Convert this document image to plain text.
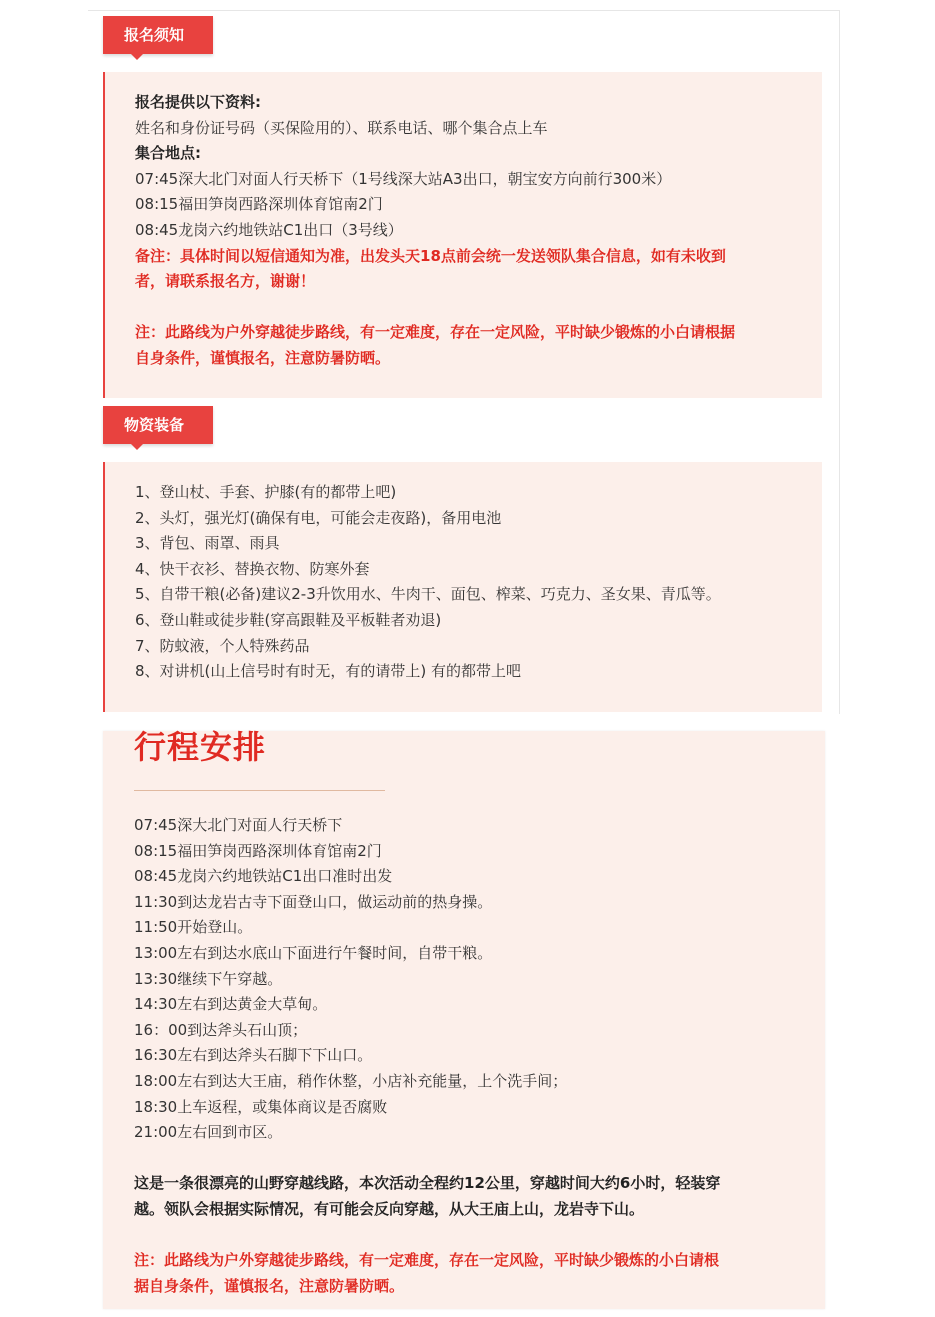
报名须知
报名提供以下资料:
姓名和身份证号码（买保险用的）、联系电话、哪个集合点上车
集合地点:
07:45深大北门对面人行天桥下（1号线深大站A3出口，朝宝安方向前行300米）
08:15福田笋岗西路深圳体育馆南2门
08:45龙岗六约地铁站C1出口（3号线）
备注：具体时间以短信通知为准，出发头天18点前会统一发送领队集合信息，如有未收到
者，请联系报名方，谢谢！
注：此路线为户外穿越徒步路线，有一定难度，存在一定风险，平时缺少锻炼的小白请根据
自身条件，谨慎报名，注意防暑防晒。
物资装备
1、登山杖、手套、护膝(有的都带上吧)
2、头灯，强光灯(确保有电，可能会走夜路)，备用电池
3、背包、雨罩、雨具
4、快干衣衫、替换衣物、防寒外套
5、自带干粮(必备)建议2-3升饮用水、牛肉干、面包、榨菜、巧克力、圣女果、青瓜等。
6、登山鞋或徒步鞋(穿高跟鞋及平板鞋者劝退)
7、防蚊液，个人特殊药品
8、对讲机(山上信号时有时无，有的请带上) 有的都带上吧
行程安排
07:45深大北门对面人行天桥下
08:15福田笋岗西路深圳体育馆南2门
08:45龙岗六约地铁站C1出口准时出发
11:30到达龙岩古寺下面登山口，做运动前的热身操。
11:50开始登山。
13:00左右到达水底山下面进行午餐时间，自带干粮。
13:30继续下午穿越。
14:30左右到达黄金大草甸。
16：00到达斧头石山顶；
16:30左右到达斧头石脚下下山口。
18:00左右到达大王庙，稍作休整，小店补充能量，上个洗手间；
18:30上车返程，或集体商议是否腐败
21:00左右回到市区。
这是一条很漂亮的山野穿越线路，本次活动全程约12公里，穿越时间大约6小时，轻装穿
越。领队会根据实际情况，有可能会反向穿越，从大王庙上山，龙岩寺下山。
注：此路线为户外穿越徒步路线，有一定难度，存在一定风险，平时缺少锻炼的小白请根
据自身条件，谨慎报名，注意防暑防晒。
